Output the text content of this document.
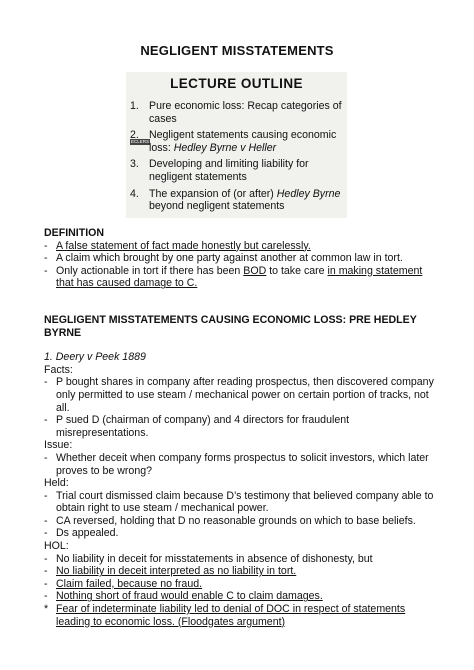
NEGLIGENT MISSTATEMENTS
LECTURE OUTLINE
ECLERS
1. Pure economic loss: Recap categories of cases
2. Negligent statements causing economic loss: Hedley Byrne v Heller
3. Developing and limiting liability for negligent statements
4. The expansion of (or after) Hedley Byrne beyond negligent statements
DEFINITION
- A false statement of fact made honestly but carelessly.
- A claim which brought by one party against another at common law in tort.
- Only actionable in tort if there has been BOD to take care in making statement that has caused damage to C.
NEGLIGENT MISSTATEMENTS CAUSING ECONOMIC LOSS: PRE HEDLEY BYRNE
1. Deery v Peek 1889
Facts:
- P bought shares in company after reading prospectus, then discovered company only permitted to use steam / mechanical power on certain portion of tracks, not all.
- P sued D (chairman of company) and 4 directors for fraudulent misrepresentations.
Issue:
- Whether deceit when company forms prospectus to solicit investors, which later proves to be wrong?
Held:
- Trial court dismissed claim because D’s testimony that believed company able to obtain right to use steam / mechanical power.
- CA reversed, holding that D no reasonable grounds on which to base beliefs.
- Ds appealed.
HOL:
- No liability in deceit for misstatements in absence of dishonesty, but
- No liability in deceit interpreted as no liability in tort.
- Claim failed, because no fraud.
- Nothing short of fraud would enable C to claim damages.
* Fear of indeterminate liability led to denial of DOC in respect of statements leading to economic loss. (Floodgates argument)
